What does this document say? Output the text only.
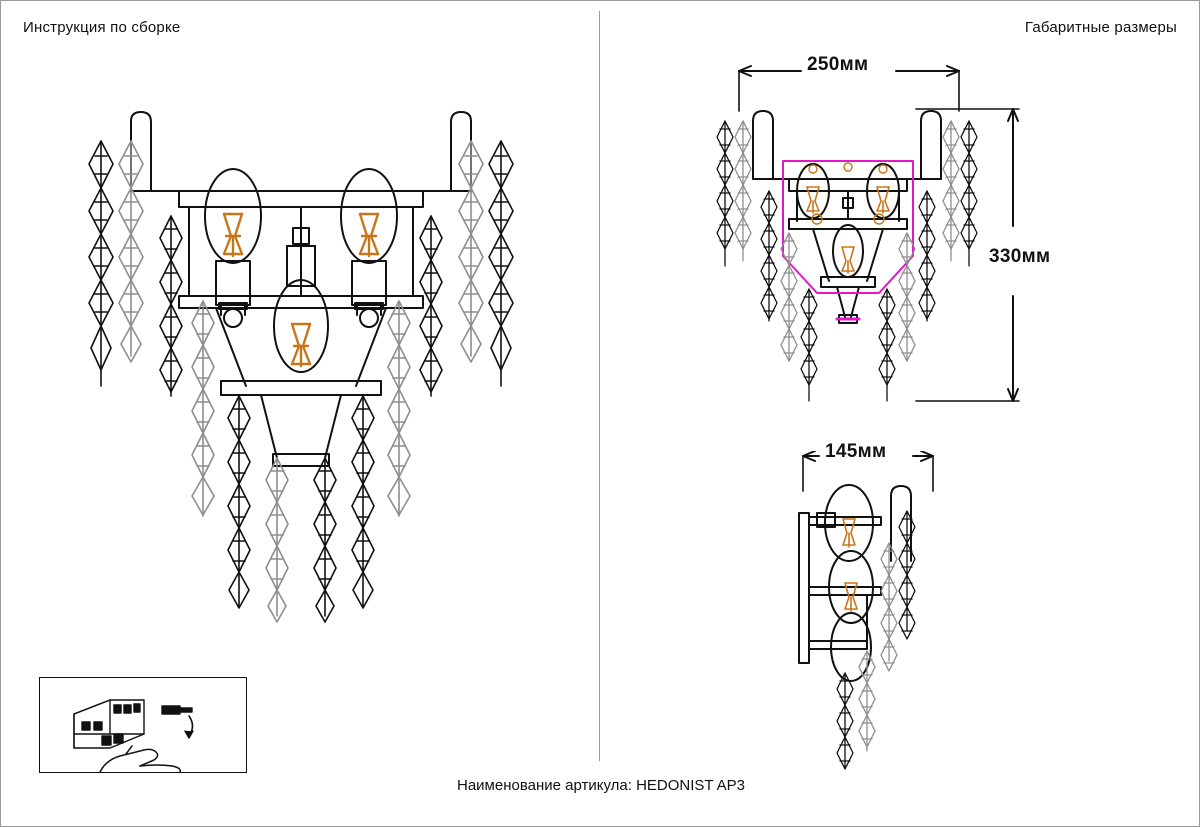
Инструкция по сборке	Габаритные размеры
250мм
330мм
145мм
Наименование артикула: HEDONIST AP3
